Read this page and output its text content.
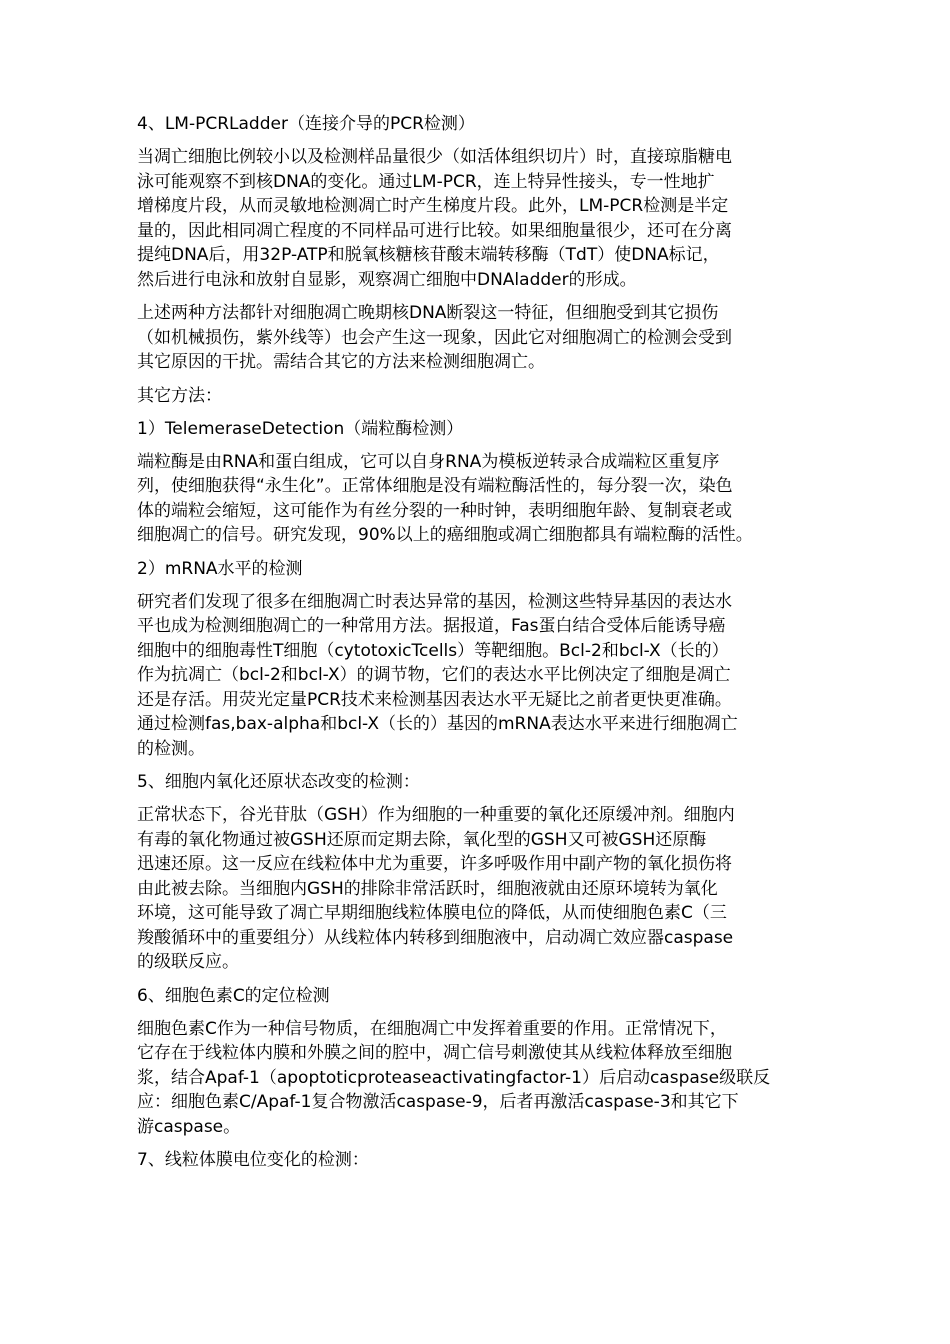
4、LM-PCRLadder（连接介导的PCR检测）
当凋亡细胞比例较小以及检测样品量很少（如活体组织切片）时，直接琼脂糖电
泳可能观察不到核DNA的变化。通过LM-PCR，连上特异性接头，专一性地扩
增梯度片段，从而灵敏地检测凋亡时产生梯度片段。此外，LM-PCR检测是半定
量的，因此相同凋亡程度的不同样品可进行比较。如果细胞量很少，还可在分离
提纯DNA后，用32P-ATP和脱氧核糖核苷酸末端转移酶（TdT）使DNA标记，
然后进行电泳和放射自显影，观察凋亡细胞中DNAladder的形成。
上述两种方法都针对细胞凋亡晚期核DNA断裂这一特征，但细胞受到其它损伤
（如机械损伤，紫外线等）也会产生这一现象，因此它对细胞凋亡的检测会受到
其它原因的干扰。需结合其它的方法来检测细胞凋亡。
其它方法：
1）TelemeraseDetection（端粒酶检测）
端粒酶是由RNA和蛋白组成，它可以自身RNA为模板逆转录合成端粒区重复序
列，使细胞获得“永生化”。正常体细胞是没有端粒酶活性的，每分裂一次，染色
体的端粒会缩短，这可能作为有丝分裂的一种时钟，表明细胞年龄、复制衰老或
细胞凋亡的信号。研究发现，90%以上的癌细胞或凋亡细胞都具有端粒酶的活性。
2）mRNA水平的检测
研究者们发现了很多在细胞凋亡时表达异常的基因，检测这些特异基因的表达水
平也成为检测细胞凋亡的一种常用方法。据报道，Fas蛋白结合受体后能诱导癌
细胞中的细胞毒性T细胞（cytotoxicTcells）等靶细胞。Bcl-2和bcl-X（长的）
作为抗凋亡（bcl-2和bcl-X）的调节物，它们的表达水平比例决定了细胞是凋亡
还是存活。用荧光定量PCR技术来检测基因表达水平无疑比之前者更快更准确。
通过检测fas,bax-alpha和bcl-X（长的）基因的mRNA表达水平来进行细胞凋亡
的检测。
5、细胞内氧化还原状态改变的检测：
正常状态下，谷光苷肽（GSH）作为细胞的一种重要的氧化还原缓冲剂。细胞内
有毒的氧化物通过被GSH还原而定期去除，氧化型的GSH又可被GSH还原酶
迅速还原。这一反应在线粒体中尤为重要，许多呼吸作用中副产物的氧化损伤将
由此被去除。当细胞内GSH的排除非常活跃时，细胞液就由还原环境转为氧化
环境，这可能导致了凋亡早期细胞线粒体膜电位的降低，从而使细胞色素C（三
羧酸循环中的重要组分）从线粒体内转移到细胞液中，启动凋亡效应器caspase
的级联反应。
6、细胞色素C的定位检测
细胞色素C作为一种信号物质，在细胞凋亡中发挥着重要的作用。正常情况下，
它存在于线粒体内膜和外膜之间的腔中，凋亡信号刺激使其从线粒体释放至细胞
浆，结合Apaf-1（apoptoticproteaseactivatingfactor-1）后启动caspase级联反
应：细胞色素C/Apaf-1复合物激活caspase-9，后者再激活caspase-3和其它下
游caspase。
7、线粒体膜电位变化的检测：
